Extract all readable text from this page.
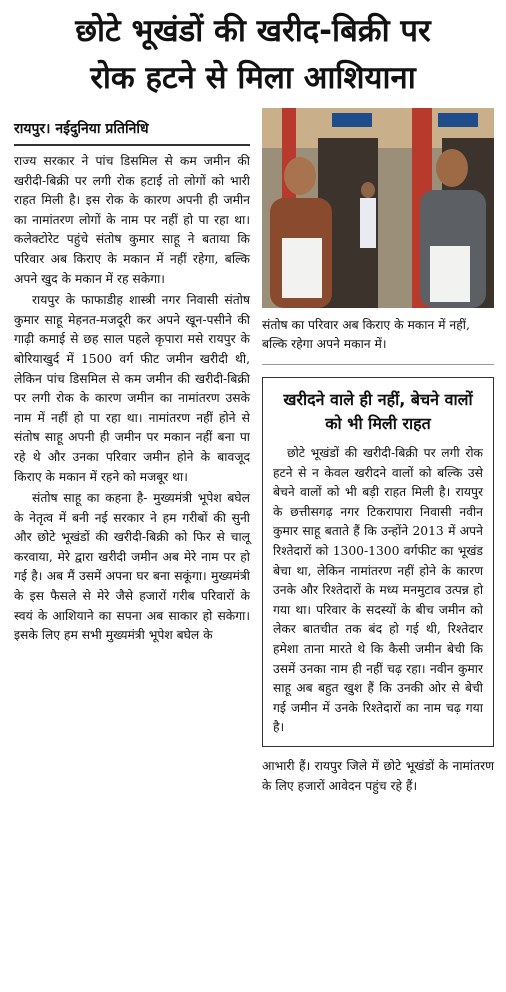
छोटे भूखंडों की खरीद-बिक्री पर
रोक हटने से मिला आशियाना
रायपुर। नईदुनिया प्रतिनिधि

राज्य सरकार ने पांच डिसमिल से कम जमीन की खरीदी-बिक्री पर लगी रोक हटाई तो लोगों को भारी राहत मिली है। इस रोक के कारण अपनी ही जमीन का नामांतरण लोगों के नाम पर नहीं हो पा रहा था। कलेक्टोरेट पहुंचे संतोष कुमार साहू ने बताया कि परिवार अब किराए के मकान में नहीं रहेगा, बल्कि अपने खुद के मकान में रह सकेगा।

रायपुर के फाफाडीह शास्त्री नगर निवासी संतोष कुमार साहू मेहनत-मजदूरी कर अपने खून-पसीने की गाढ़ी कमाई से छह साल पहले कृपारा मसे रायपुर के बोरियाखुर्द में 1500 वर्ग फीट जमीन खरीदी थी, लेकिन पांच डिसमिल से कम जमीन की खरीदी-बिक्री पर लगी रोक के कारण जमीन का नामांतरण उसके नाम में नहीं हो पा रहा था। नामांतरण नहीं होने से संतोष साहू अपनी ही जमीन पर मकान नहीं बना पा रहे थे और उनका परिवार जमीन होने के बावजूद किराए के मकान में रहने को मजबूर था।

संतोष साहू का कहना है- मुख्यमंत्री भूपेश बघेल के नेतृत्व में बनी नई सरकार ने हम गरीबों की सुनी और छोटे भूखंडों की खरीदी-बिक्री को फिर से चालू करवाया, मेरे द्वारा खरीदी जमीन अब मेरे नाम पर हो गई है। अब मैं उसमें अपना घर बना सकूंगा। मुख्यमंत्री के इस फैसले से मेरे जैसे हजारों गरीब परिवारों के स्वयं के आशियाने का सपना अब साकार हो सकेगा। इसके लिए हम सभी मुख्यमंत्री भूपेश बघेल के

संतोष का परिवार अब किराए के मकान में नहीं, बल्कि रहेगा अपने मकान में।
खरीदने वाले ही नहीं, बेचने वालों को भी मिली राहत

छोटे भूखंडों की खरीदी-बिक्री पर लगी रोक हटने से न केवल खरीदने वालों को बल्कि उसे बेचने वालों को भी बड़ी राहत मिली है। रायपुर के छत्तीसगढ़ नगर टिकरापारा निवासी नवीन कुमार साहू बताते हैं कि उन्होंने 2013 में अपने रिश्तेदारों को 1300-1300 वर्गफीट का भूखंड बेचा था, लेकिन नामांतरण नहीं होने के कारण उनके और रिश्तेदारों के मध्य मनमुटाव उत्पन्न हो गया था। परिवार के सदस्यों के बीच जमीन को लेकर बातचीत तक बंद हो गई थी, रिश्तेदार हमेशा ताना मारते थे कि कैसी जमीन बेची कि उसमें उनका नाम ही नहीं चढ़ रहा। नवीन कुमार साहू अब बहुत खुश हैं कि उनकी ओर से बेची गई जमीन में उनके रिश्तेदारों का नाम चढ़ गया है।

आभारी हैं। रायपुर जिले में छोटे भूखंडों के नामांतरण के लिए हजारों आवेदन पहुंच रहे हैं।
